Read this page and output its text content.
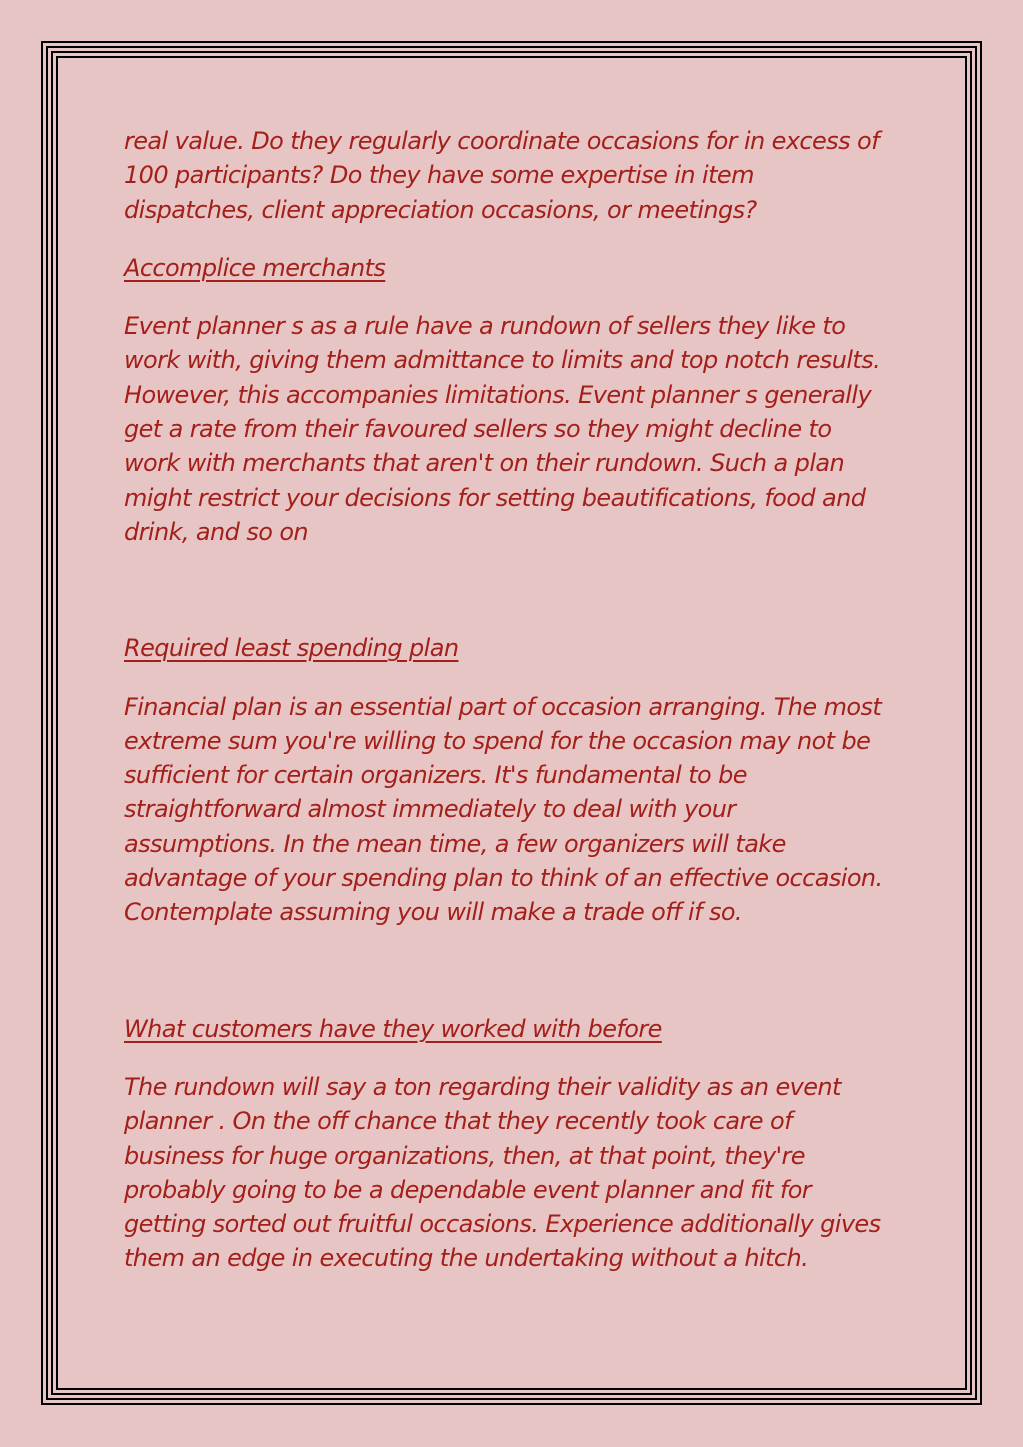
real value. Do they regularly coordinate occasions for in excess of
100 participants? Do they have some expertise in item
dispatches, client appreciation occasions, or meetings?

Accomplice merchants

Event planner s as a rule have a rundown of sellers they like to
work with, giving them admittance to limits and top notch results.
However, this accompanies limitations. Event planner s generally
get a rate from their favoured sellers so they might decline to
work with merchants that aren't on their rundown. Such a plan
might restrict your decisions for setting beautifications, food and
drink, and so on

Required least spending plan

Financial plan is an essential part of occasion arranging. The most
extreme sum you're willing to spend for the occasion may not be
sufficient for certain organizers. It's fundamental to be
straightforward almost immediately to deal with your
assumptions. In the mean time, a few organizers will take
advantage of your spending plan to think of an effective occasion.
Contemplate assuming you will make a trade off if so.

What customers have they worked with before

The rundown will say a ton regarding their validity as an event
planner . On the off chance that they recently took care of
business for huge organizations, then, at that point, they're
probably going to be a dependable event planner and fit for
getting sorted out fruitful occasions. Experience additionally gives
them an edge in executing the undertaking without a hitch.
